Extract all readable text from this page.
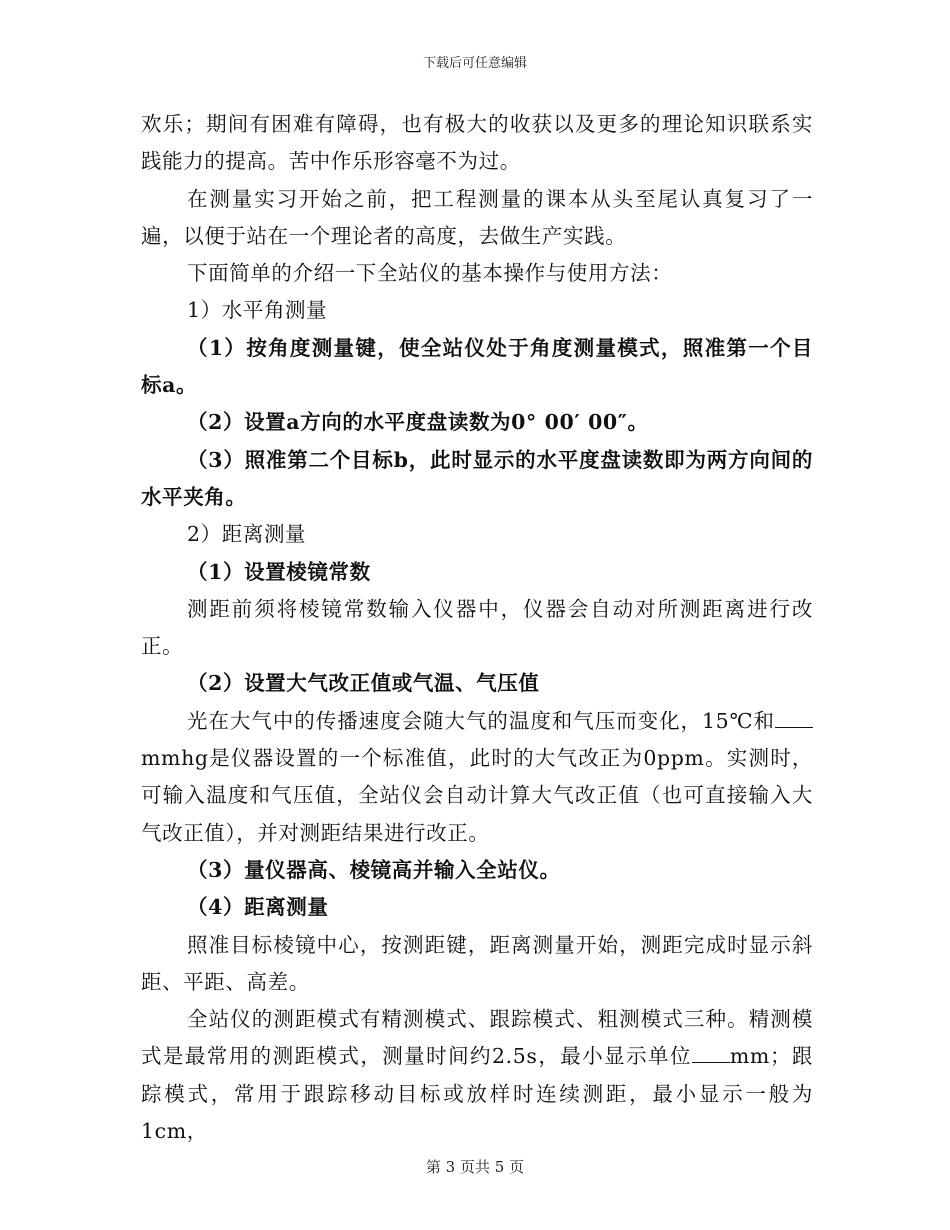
下载后可任意编辑

欢乐；期间有困难有障碍，也有极大的收获以及更多的理论知识联系实践能力的提高。苦中作乐形容毫不为过。

在测量实习开始之前，把工程测量的课本从头至尾认真复习了一遍，以便于站在一个理论者的高度，去做生产实践。

下面简单的介绍一下全站仪的基本操作与使用方法：

1）水平角测量

（1）按角度测量键，使全站仪处于角度测量模式，照准第一个目标a。

（2）设置a方向的水平度盘读数为0° 00′ 00″。

（3）照准第二个目标b，此时显示的水平度盘读数即为两方向间的水平夹角。

2）距离测量

（1）设置棱镜常数

测距前须将棱镜常数输入仪器中，仪器会自动对所测距离进行改正。

（2）设置大气改正值或气温、气压值

光在大气中的传播速度会随大气的温度和气压而变化，15℃和mmhg是仪器设置的一个标准值，此时的大气改正为0ppm。实测时，可输入温度和气压值，全站仪会自动计算大气改正值（也可直接输入大气改正值），并对测距结果进行改正。

（3）量仪器高、棱镜高并输入全站仪。

（4）距离测量

照准目标棱镜中心，按测距键，距离测量开始，测距完成时显示斜距、平距、高差。

全站仪的测距模式有精测模式、跟踪模式、粗测模式三种。精测模式是最常用的测距模式，测量时间约2.5s，最小显示单位 mm；跟踪模式，常用于跟踪移动目标或放样时连续测距，最小显示一般为1cm，

第 3 页共 5 页
